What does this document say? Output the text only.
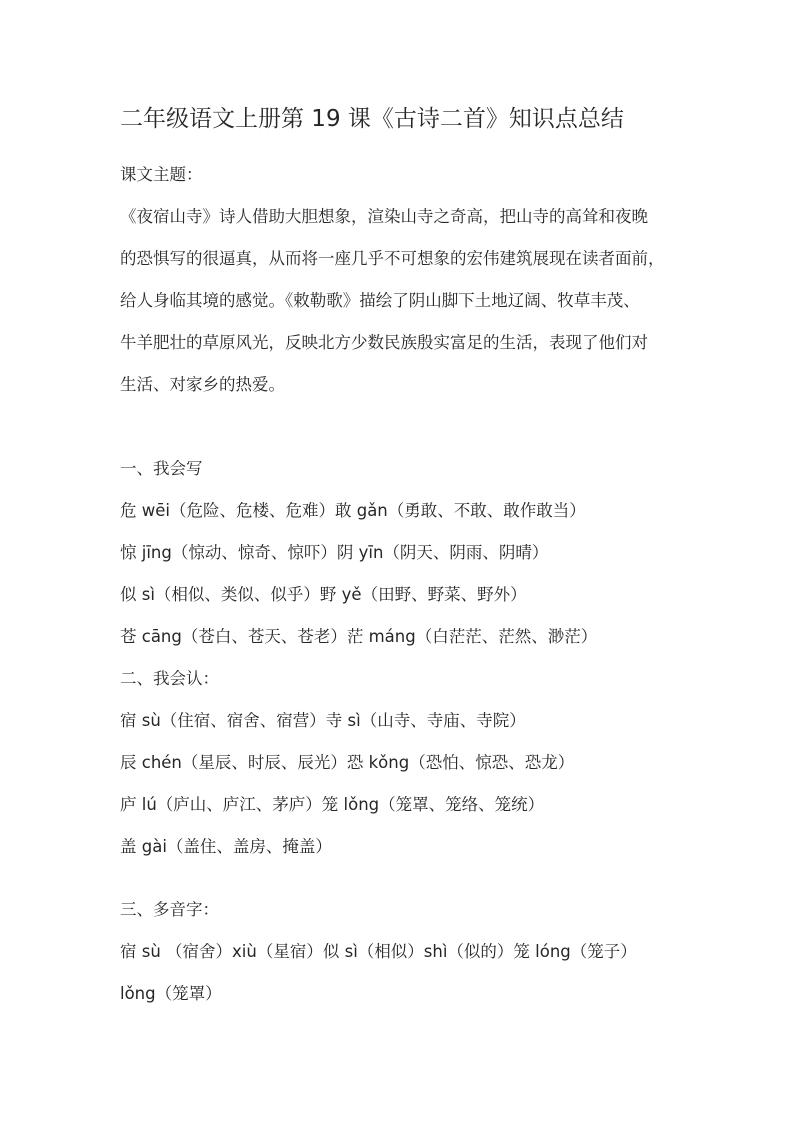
二年级语文上册第 19 课《古诗二首》知识点总结
课文主题：
《夜宿山寺》诗人借助大胆想象，渲染山寺之奇高，把山寺的高耸和夜晚
的恐惧写的很逼真，从而将一座几乎不可想象的宏伟建筑展现在读者面前，
给人身临其境的感觉。《敕勒歌》描绘了阴山脚下土地辽阔、牧草丰茂、
牛羊肥壮的草原风光，反映北方少数民族殷实富足的生活，表现了他们对
生活、对家乡的热爱。
一、我会写
危 wēi（危险、危楼、危难）敢 gǎn（勇敢、不敢、敢作敢当）
惊 jīng（惊动、惊奇、惊吓）阴 yīn（阴天、阴雨、阴晴）
似 sì（相似、类似、似乎）野 yě（田野、野菜、野外）
苍 cāng（苍白、苍天、苍老）茫 máng（白茫茫、茫然、渺茫）
二、我会认：
宿 sù（住宿、宿舍、宿营）寺 sì（山寺、寺庙、寺院）
辰 chén（星辰、时辰、辰光）恐 kǒng（恐怕、惊恐、恐龙）
庐 lú（庐山、庐江、茅庐）笼 lǒng（笼罩、笼络、笼统）
盖 gài（盖住、盖房、掩盖）
三、多音字：
宿 sù （宿舍）xiù（星宿）似 sì（相似）shì（似的）笼 lóng（笼子）
lǒng（笼罩）
